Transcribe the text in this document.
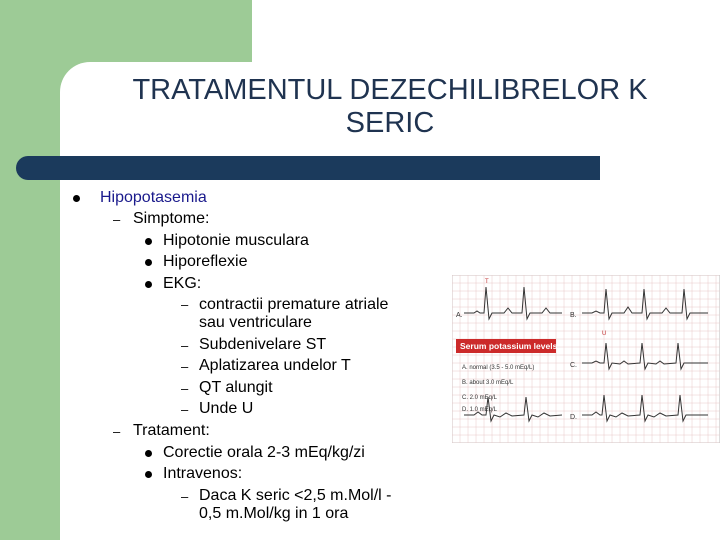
TRATAMENTUL DEZECHILIBRELOR K
SERIC
Hipopotasemia
– Simptome:
Hipotonie musculara
Hiporeflexie
EKG:
– contractii premature atriale
sau ventriculare
– Subdenivelare ST
– Aplatizarea undelor T
– QT alungit
– Unde U
– Tratament:
Corectie orala 2-3 mEq/kg/zi
Intravenos:
– Daca K seric <2,5 m.Mol/l -
0,5 m.Mol/kg in 1 ora
T
U
Serum potassium levels
A.
A. normal (3.5 - 5.0 mEq/L)
B. about 3.0 mEq/L
C. 2.0 mEq/L
D. 1.0 mEq/L
B.
C.
D.
